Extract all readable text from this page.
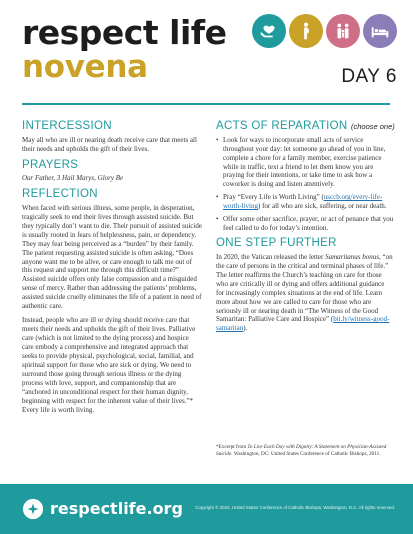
respect life
novena	DAY 6
INTERCESSION

May all who are ill or nearing death receive care that meets all their needs and upholds the gift of their lives.

PRAYERS

Our Father, 3 Hail Marys, Glory Be

REFLECTION

When faced with serious illness, some people, in desperation, tragically seek to end their lives through assisted suicide. But they typically don’t want to die. Their pursuit of assisted suicide is usually rooted in fears of helplessness, pain, or dependency. They may fear being perceived as a “burden” by their family. The patient requesting assisted suicide is often asking, “Does anyone want me to be alive, or care enough to talk me out of this request and support me through this difficult time?” Assisted suicide offers only false compassion and a misguided sense of mercy. Rather than addressing the patients’ problems, assisted suicide cruelly eliminates the life of a patient in need of authentic care.

Instead, people who are ill or dying should receive care that meets their needs and upholds the gift of their lives. Palliative care (which is not limited to the dying process) and hospice care embody a comprehensive and integrated approach that seeks to provide physical, psychological, social, familial, and spiritual support for those who are sick or dying. We need to surround those going through serious illness or the dying process with love, support, and companionship that are “anchored in unconditional respect for their human dignity, beginning with respect for the inherent value of their lives.”* Every life is worth living.

ACTS OF REPARATION (choose one)
• Look for ways to incorporate small acts of service throughout your day: let someone go ahead of you in line, complete a chore for a family member, exercise patience while in traffic, text a friend to let them know you are praying for their intentions, or take time to ask how a coworker is doing and listen attentively.
• Pray “Every Life is Worth Living” (usccb.org/every-life-worth-living) for all who are sick, suffering, or near death.
• Offer some other sacrifice, prayer, or act of penance that you feel called to do for today’s intention.
ONE STEP FURTHER

In 2020, the Vatican released the letter Samaritanus bonus, “on the care of persons in the critical and terminal phases of life.” The letter reaffirms the Church’s teaching on care for those who are critically ill or dying and offers additional guidance for increasingly complex situations at the end of life. Learn more about how we are called to care for those who are seriously ill or nearing death in “The Witness of the Good Samaritan: Palliative Care and Hospice” (bit.ly/witness-good-samaritan).

*Excerpt from To Live Each Day with Dignity: A Statement on Physician-Assisted Suicide. Washington, DC: United States Conference of Catholic Bishops, 2011.
respectlife.org	Copyright © 2023, United States Conference of Catholic Bishops, Washington, D.C. All rights reserved.
